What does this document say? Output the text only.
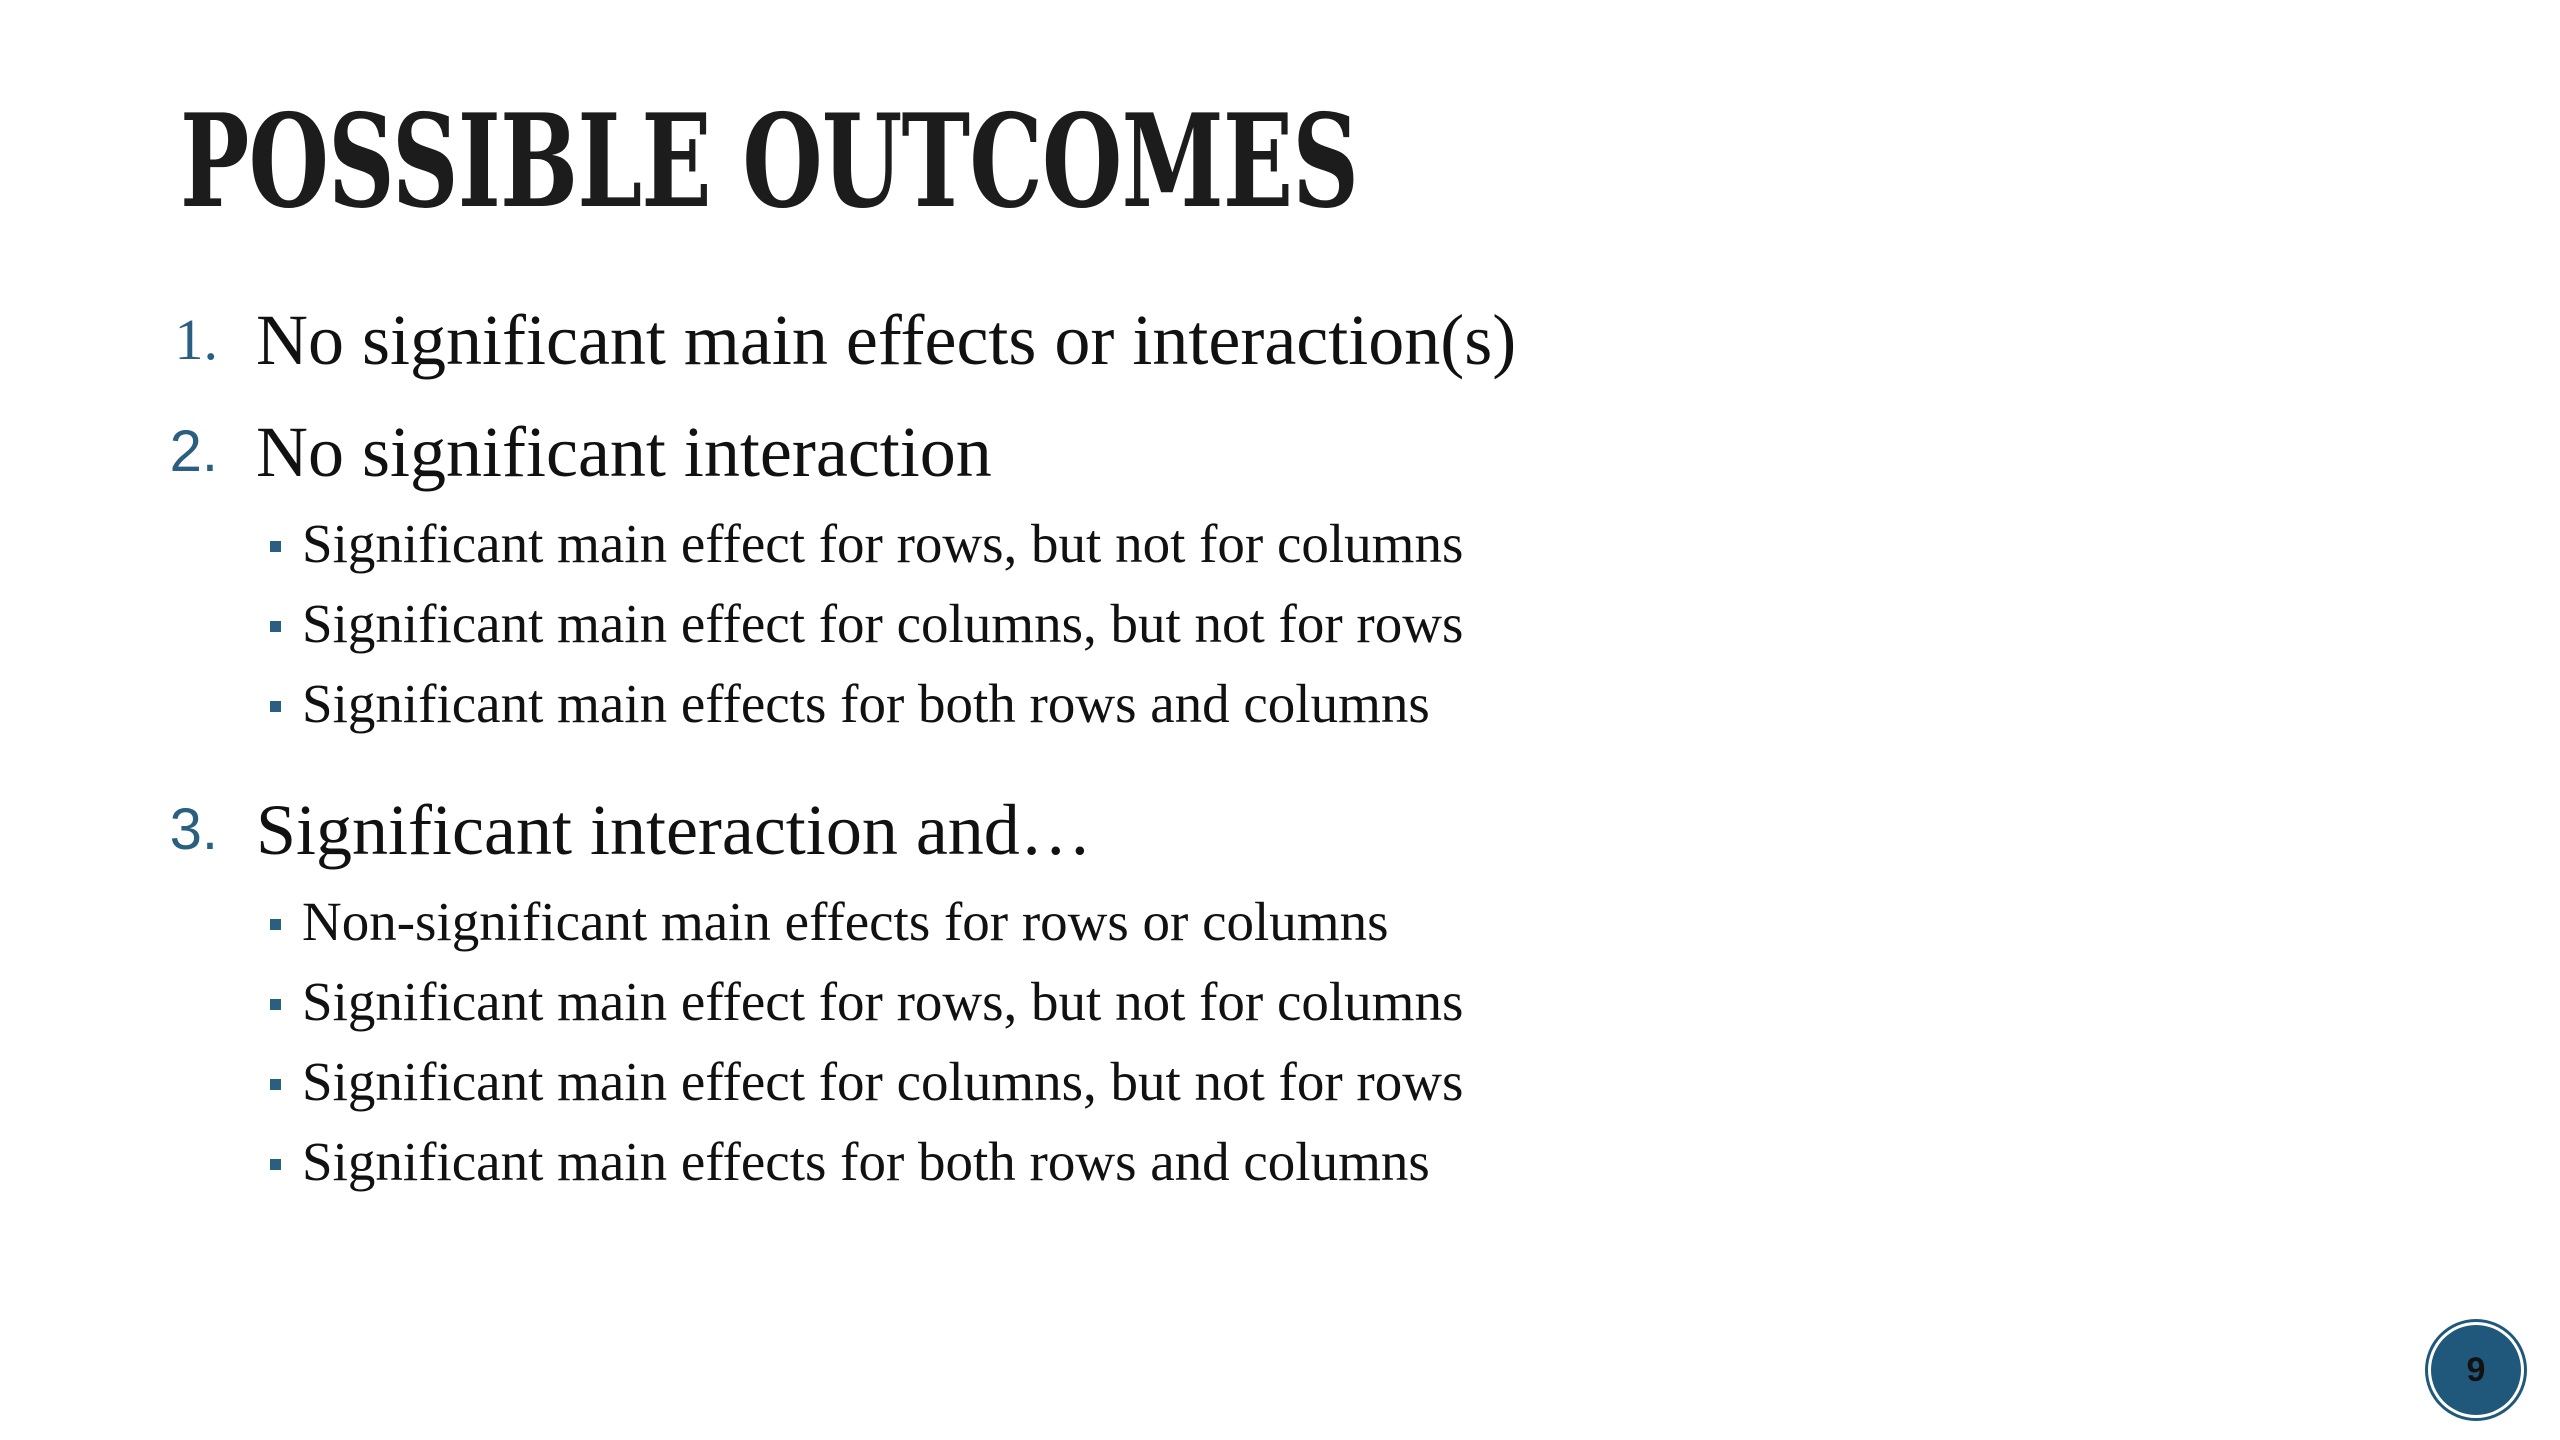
POSSIBLE OUTCOMES
1. No significant main effects or interaction(s)
2. No significant interaction
Significant main effect for rows, but not for columns
Significant main effect for columns, but not for rows
Significant main effects for both rows and columns
3. Significant interaction and…
Non-significant main effects for rows or columns
Significant main effect for rows, but not for columns
Significant main effect for columns, but not for rows
Significant main effects for both rows and columns
9
